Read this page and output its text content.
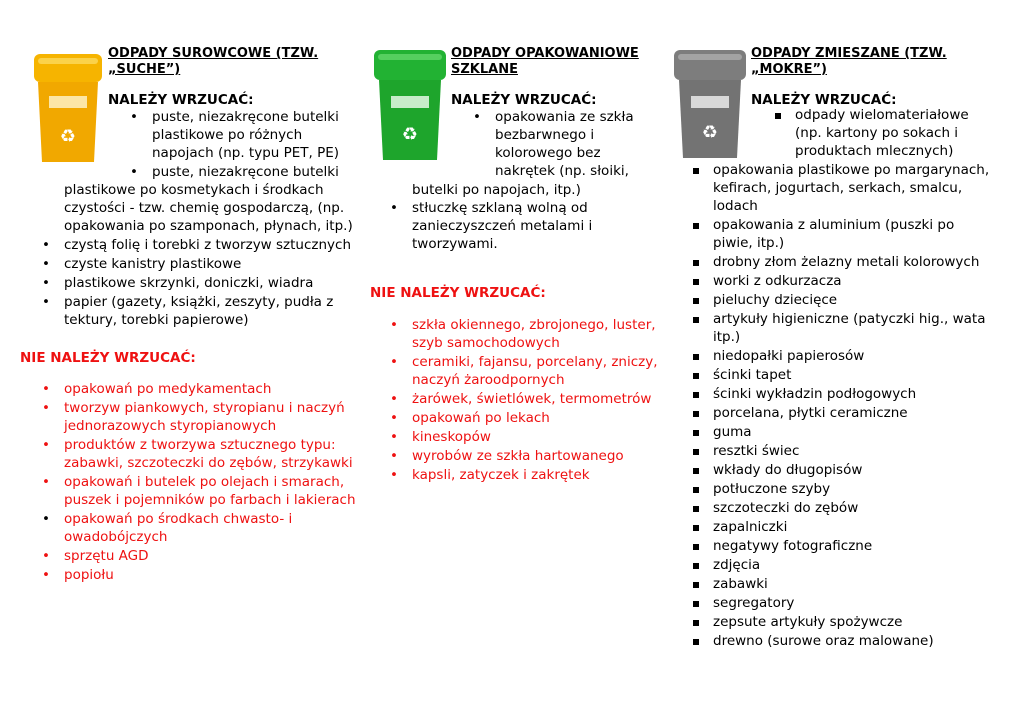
♻
ODPADY SUROWCOWE (TZW. „SUCHE”)
NALEŻY WRZUCAĆ:
• puste, niezakręcone butelki plastikowe po różnych napojach (np. typu PET, PE)
• puste, niezakręcone butelki

plastikowe po kosmetykach i środkach czystości - tzw. chemię gospodarczą, (np. opakowania po szamponach, płynach, itp.)

• czystą folię i torebki z tworzyw sztucznych
• czyste kanistry plastikowe
• plastikowe skrzynki, doniczki, wiadra
• papier (gazety, książki, zeszyty, pudła z tektury, torebki papierowe)
NIE NALEŻY WRZUCAĆ:
• opakowań po medykamentach
• tworzyw piankowych, styropianu i naczyń jednorazowych styropianowych
• produktów z tworzywa sztucznego typu: zabawki, szczoteczki do zębów, strzykawki
• opakowań i butelek po olejach i smarach, puszek i pojemników po farbach i lakierach
• opakowań po środkach chwasto- i owadobójczych
• sprzętu AGD
• popiołu
♻
ODPADY OPAKOWANIOWE SZKLANE
NALEŻY WRZUCAĆ:
• opakowania ze szkła bezbarwnego i kolorowego bez nakrętek (np. słoiki,

butelki po napojach, itp.)

• stłuczkę szklaną wolną od zanieczyszczeń metalami i tworzywami.
NIE NALEŻY WRZUCAĆ:
• szkła okiennego, zbrojonego, luster, szyb samochodowych
• ceramiki, fajansu, porcelany, zniczy, naczyń żaroodpornych
• żarówek, świetlówek, termometrów
• opakowań po lekach
• kineskopów
• wyrobów ze szkła hartowanego
• kapsli, zatyczek i zakrętek
♻
ODPADY ZMIESZANE (TZW. „MOKRE”)
NALEŻY WRZUCAĆ:
odpady wielomateriałowe (np. kartony po sokach i produktach mlecznych)
opakowania plastikowe po margarynach, kefirach, jogurtach, serkach, smalcu, lodach
opakowania z aluminium (puszki po piwie, itp.)
drobny złom żelazny metali kolorowych
worki z odkurzacza
pieluchy dziecięce
artykuły higieniczne (patyczki hig., wata itp.)
niedopałki papierosów
ścinki tapet
ścinki wykładzin podłogowych
porcelana, płytki ceramiczne
guma
resztki świec
wkłady do długopisów
potłuczone szyby
szczoteczki do zębów
zapalniczki
negatywy fotograficzne
zdjęcia
zabawki
segregatory
zepsute artykuły spożywcze
drewno (surowe oraz malowane)
